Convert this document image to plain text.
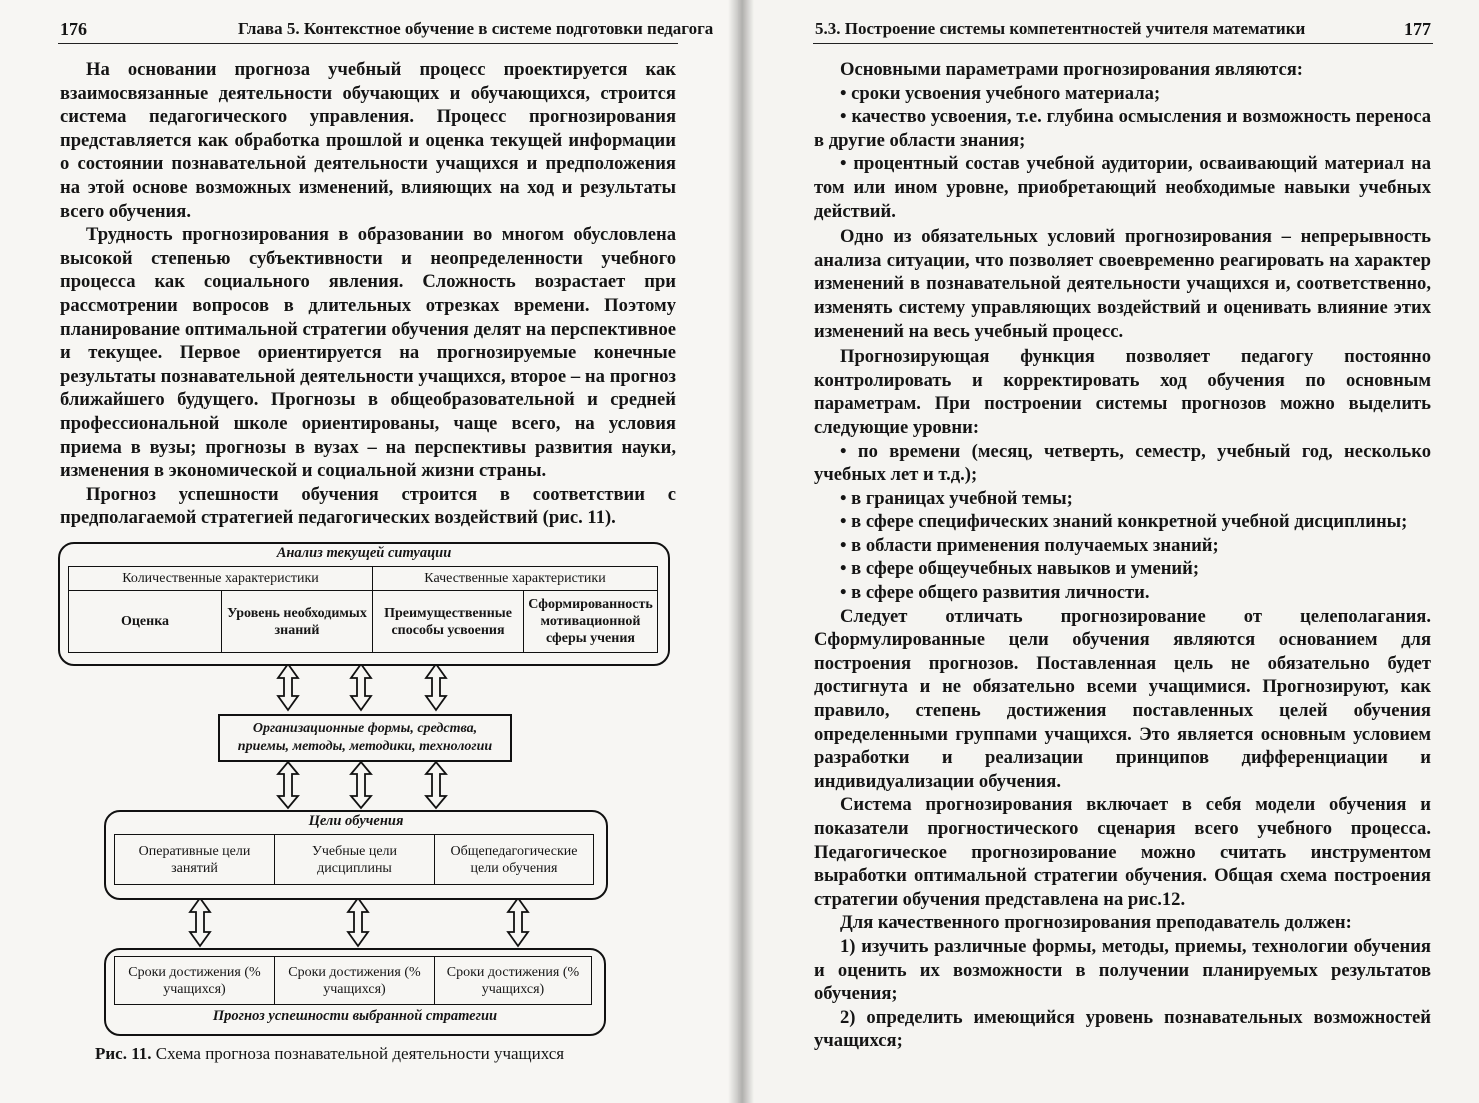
176	Глава 5. Контекстное обучение в системе подготовки педагога	5.3. Построение системы компетентностей учителя математики	177

На основании прогноза учебный процесс проектируется как взаимосвязанные деятельности обучающих и обучающихся, строится система педагогического управления. Процесс прогнозирования представляется как обработка прошлой и оценка текущей информации о состоянии познавательной деятельности учащихся и предположения на этой основе возможных изменений, влияющих на ход и результаты всего обучения.

Трудность прогнозирования в образовании во многом обусловлена высокой степенью субъективности и неопределенности учебного процесса как социального явления. Сложность возрастает при рассмотрении вопросов в длительных отрезках времени. Поэтому планирование оптимальной стратегии обучения делят на перспективное и текущее. Первое ориентируется на прогнозируемые конечные результаты познавательной деятельности учащихся, второе – на прогноз ближайшего будущего. Прогнозы в общеобразовательной и средней профессиональной школе ориентированы, чаще всего, на условия приема в вузы; прогнозы в вузах – на перспективы развития науки, изменения в экономической и социальной жизни страны.

Прогноз успешности обучения строится в соответствии с предполагаемой стратегией педагогических воздействий (рис. 11).

Анализ текущей ситуации
Количественные характеристики		Качественные характеристики	
Оценка	Уровень необходимых знаний	Преимущественные способы усвоения	Сформированность мотивационной сферы учения
Организационные формы, средства, приемы, методы, методики, технологии
Цели обучения
Оперативные цели занятий	Учебные цели дисциплины	Общепедагогические цели обучения
Сроки достижения (% учащихся)	Сроки достижения (% учащихся)	Сроки достижения (% учащихся)
Прогноз успешности выбранной стратегии
Рис. 11. Схема прогноза познавательной деятельности учащихся

Основными параметрами прогнозирования являются:

• сроки усвоения учебного материала;

• качество усвоения, т.е. глубина осмысления и возможность переноса в другие области знания;

• процентный состав учебной аудитории, осваивающий материал на том или ином уровне, приобретающий необходимые навыки учебных действий.

Одно из обязательных условий прогнозирования – непрерывность анализа ситуации, что позволяет своевременно реагировать на характер изменений в познавательной деятельности учащихся и, соответственно, изменять систему управляющих воздействий и оценивать влияние этих изменений на весь учебный процесс.

Прогнозирующая функция позволяет педагогу постоянно контролировать и корректировать ход обучения по основным параметрам. При построении системы прогнозов можно выделить следующие уровни:

• по времени (месяц, четверть, семестр, учебный год, несколько учебных лет и т.д.);

• в границах учебной темы;

• в сфере специфических знаний конкретной учебной дисциплины;

• в области применения получаемых знаний;

• в сфере общеучебных навыков и умений;

• в сфере общего развития личности.

Следует отличать прогнозирование от целеполагания. Сформулированные цели обучения являются основанием для построения прогнозов. Поставленная цель не обязательно будет достигнута и не обязательно всеми учащимися. Прогнозируют, как правило, степень достижения поставленных целей обучения определенными группами учащихся. Это является основным условием разработки и реализации принципов дифференциации и индивидуализации обучения.

Система прогнозирования включает в себя модели обучения и показатели прогностического сценария всего учебного процесса. Педагогическое прогнозирование можно считать инструментом выработки оптимальной стратегии обучения. Общая схема построения стратегии обучения представлена на рис.12.

Для качественного прогнозирования преподаватель должен:

1) изучить различные формы, методы, приемы, технологии обучения и оценить их возможности в получении планируемых результатов обучения;

2) определить имеющийся уровень познавательных возможностей учащихся;
